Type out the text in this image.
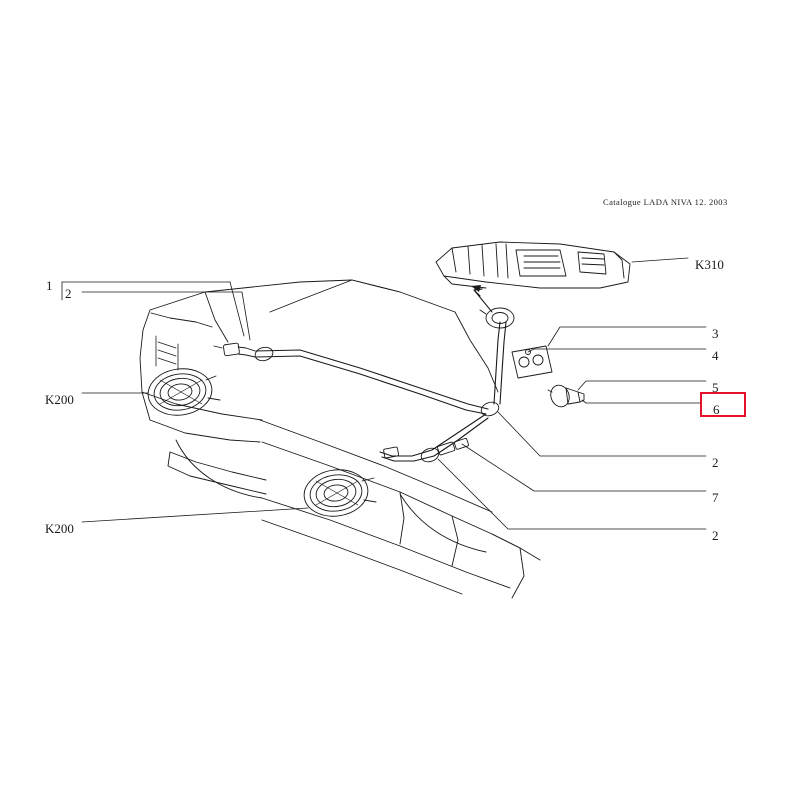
Catalogue LADA NIVA 12. 2003
1
2
K200
K200
K310
3
4
5
6
2
7
2
